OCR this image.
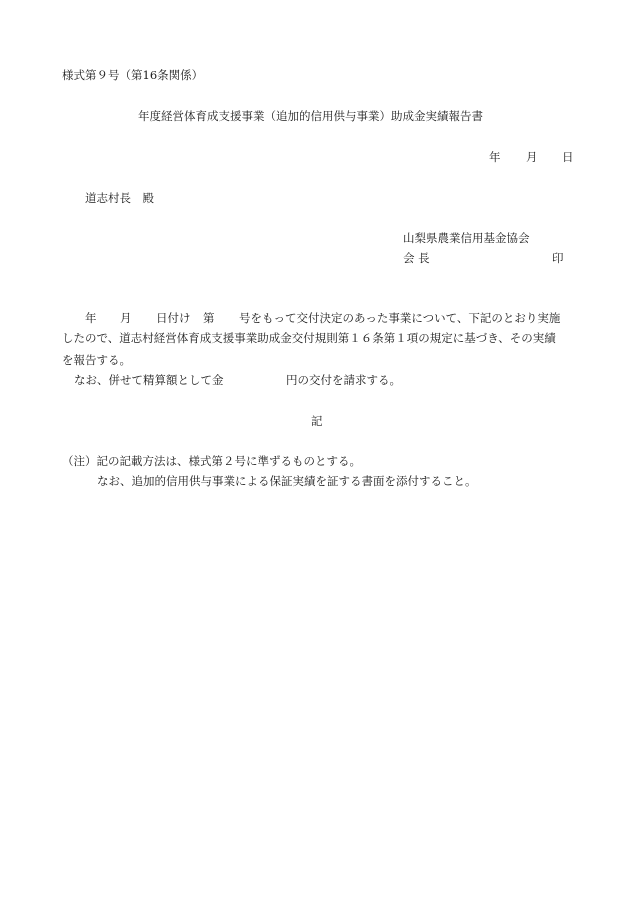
様式第９号（第16条関係）
年度経営体育成支援事業（追加的信用供与事業）助成金実績報告書
年 月 日
道志村長　殿
山梨県農業信用基金協会
会 長	印
年 月 日付け 第 号をもって交付決定のあった事業について、下記のとおり実施
したので、道志村経営体育成支援事業助成金交付規則第１６条第１項の規定に基づき、その実績
を報告する。
なお、併せて精算額として金	円の交付を請求する。
記
（注）記の記載方法は、様式第２号に準ずるものとする。
なお、追加的信用供与事業による保証実績を証する書面を添付すること。
